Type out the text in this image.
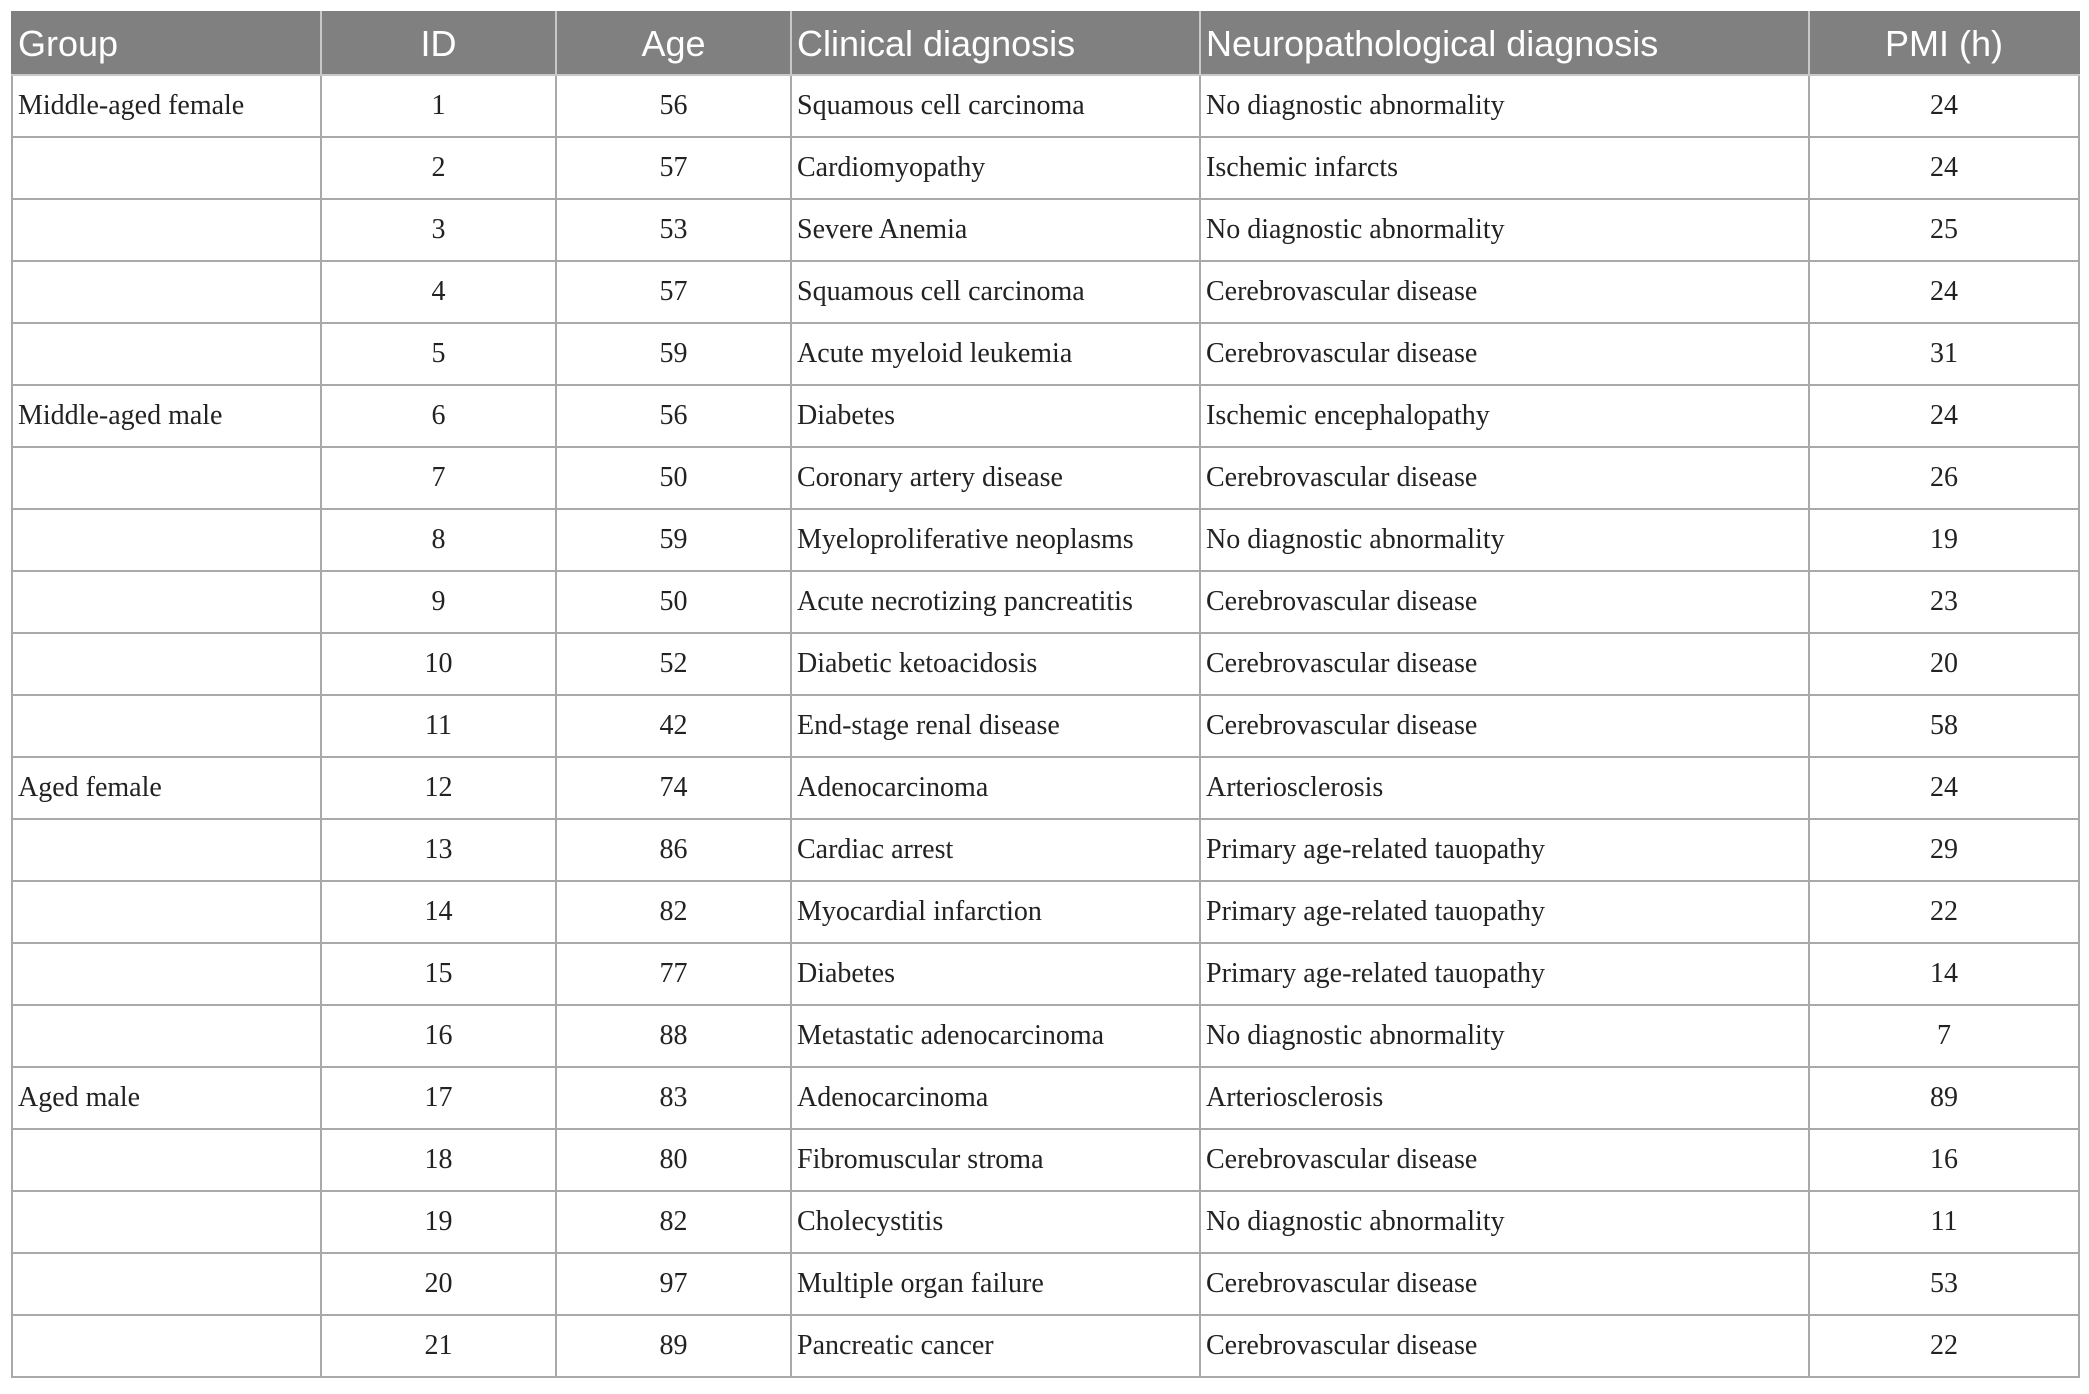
Group	ID	Age	Clinical diagnosis	Neuropathological diagnosis	PMI (h)
Middle-aged female	1	56	Squamous cell carcinoma	No diagnostic abnormality	24
	2	57	Cardiomyopathy	Ischemic infarcts	24
	3	53	Severe Anemia	No diagnostic abnormality	25
	4	57	Squamous cell carcinoma	Cerebrovascular disease	24
	5	59	Acute myeloid leukemia	Cerebrovascular disease	31
Middle-aged male	6	56	Diabetes	Ischemic encephalopathy	24
	7	50	Coronary artery disease	Cerebrovascular disease	26
	8	59	Myeloproliferative neoplasms	No diagnostic abnormality	19
	9	50	Acute necrotizing pancreatitis	Cerebrovascular disease	23
	10	52	Diabetic ketoacidosis	Cerebrovascular disease	20
	11	42	End-stage renal disease	Cerebrovascular disease	58
Aged female	12	74	Adenocarcinoma	Arteriosclerosis	24
	13	86	Cardiac arrest	Primary age-related tauopathy	29
	14	82	Myocardial infarction	Primary age-related tauopathy	22
	15	77	Diabetes	Primary age-related tauopathy	14
	16	88	Metastatic adenocarcinoma	No diagnostic abnormality	7
Aged male	17	83	Adenocarcinoma	Arteriosclerosis	89
	18	80	Fibromuscular stroma	Cerebrovascular disease	16
	19	82	Cholecystitis	No diagnostic abnormality	11
	20	97	Multiple organ failure	Cerebrovascular disease	53
	21	89	Pancreatic cancer	Cerebrovascular disease	22
